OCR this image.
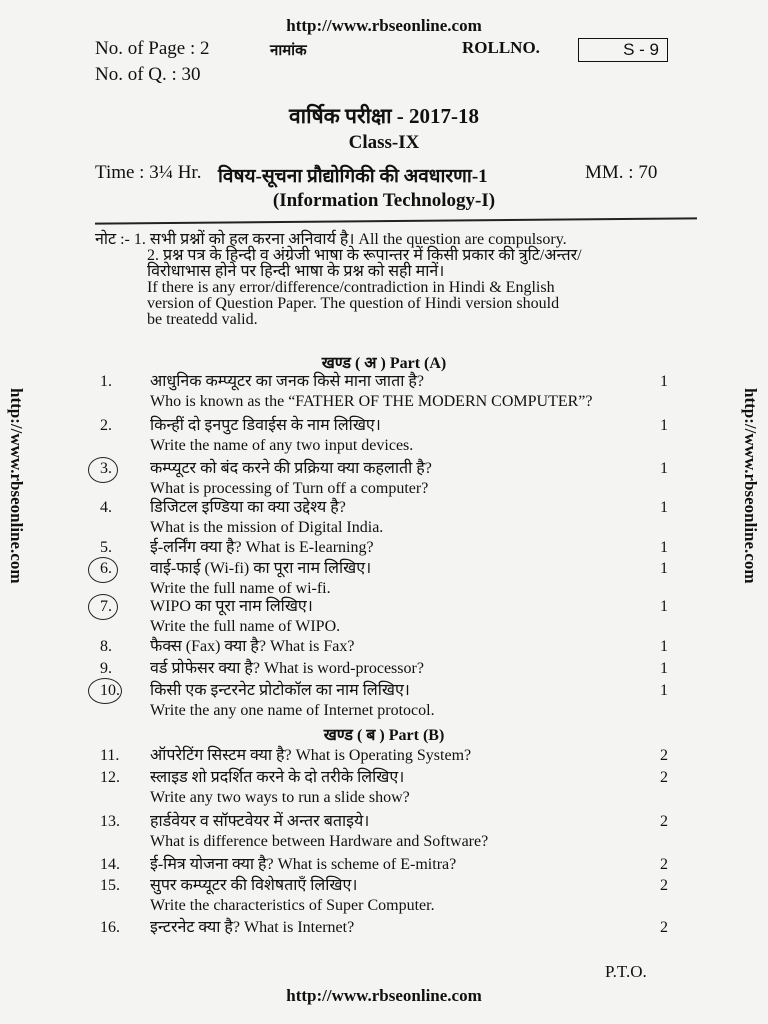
http://www.rbseonline.com
http://www.rbseonline.com
http://www.rbseonline.com	http://www.rbseonline.com
No. of Page : 2	नामांक	ROLLNO.	S - 9
No. of Q. : 30
वार्षिक परीक्षा - 2017-18
Class-IX
Time : 3¼ Hr. विषय-सूचना प्रौद्योगिकी की अवधारणा-1	MM. : 70
(Information Technology-I)
नोट :- 1. सभी प्रश्नों को हल करना अनिवार्य है। All the question are compulsory.
2. प्रश्न पत्र के हिन्दी व अंग्रेजी भाषा के रूपान्तर में किसी प्रकार की त्रुटि/अन्तर/
विरोधाभास होने पर हिन्दी भाषा के प्रश्न को सही मानें।
If there is any error/difference/contradiction in Hindi & English
version of Question Paper. The question of Hindi version should
be treatedd valid.
खण्ड ( अ ) Part (A)
1. आधुनिक कम्प्यूटर का जनक किसे माना जाता है?	1
Who is known as the “FATHER OF THE MODERN COMPUTER”?
2. किन्हीं दो इनपुट डिवाईस के नाम लिखिए।	1
Write the name of any two input devices.
3. कम्प्यूटर को बंद करने की प्रक्रिया क्या कहलाती है?	1
What is processing of Turn off a computer?
4. डिजिटल इण्डिया का क्या उद्देश्य है?	1
What is the mission of Digital India.
5. ई-लर्निंग क्या है? What is E-learning?	1
6. वाई-फाई (Wi-fi) का पूरा नाम लिखिए।	1
Write the full name of wi-fi.
7. WIPO का पूरा नाम लिखिए।	1
Write the full name of WIPO.
8. फैक्स (Fax) क्या है? What is Fax?	1
9. वर्ड प्रोफेसर क्या है? What is word-processor?	1
10. किसी एक इन्टरनेट प्रोटोकॉल का नाम लिखिए।	1
Write the any one name of Internet protocol.
खण्ड ( ब ) Part (B)
11. ऑपरेटिंग सिस्टम क्या है? What is Operating System?	2
12. स्लाइड शो प्रदर्शित करने के दो तरीके लिखिए।	2
Write any two ways to run a slide show?
13. हार्डवेयर व सॉफ्टवेयर में अन्तर बताइये।	2
What is difference between Hardware and Software?
14. ई-मित्र योजना क्या है? What is scheme of E-mitra?	2
15. सुपर कम्प्यूटर की विशेषताएँ लिखिए।	2
Write the characteristics of Super Computer.
16. इन्टरनेट क्या है? What is Internet?	2
P.T.O.
